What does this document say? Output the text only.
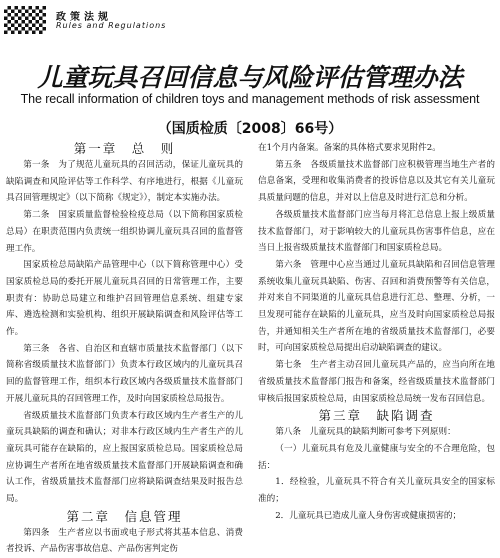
政策法规
Rules and Regulations
儿童玩具召回信息与风险评估管理办法
The recall information of children toys and management methods of risk assessment
（国质检质〔2008〕66号）
第一章　总　则

第一条　为了规范儿童玩具的召回活动，保证儿童玩具的缺陷调查和风险评估等工作科学、有序地进行，根据《儿童玩具召回管理规定》（以下简称《规定》），制定本实施办法。

第二条　国家质量监督检验检疫总局（以下简称国家质检总局）在职责范围内负责统一组织协调儿童玩具召回的监督管理工作。

国家质检总局缺陷产品管理中心（以下简称管理中心）受国家质检总局的委托开展儿童玩具召回的日常管理工作，主要职责有：协助总局建立和维护召回管理信息系统、组建专家库、遴选检测和实验机构、组织开展缺陷调查和风险评估等工作。

第三条　各省、自治区和直辖市质量技术监督部门（以下简称省级质量技术监督部门）负责本行政区域内的儿童玩具召回的监督管理工作，组织本行政区域内各级质量技术监督部门开展儿童玩具的召回管理工作，及时向国家质检总局报告。

省级质量技术监督部门负责本行政区域内生产者生产的儿童玩具缺陷的调查和确认；对非本行政区域内生产者生产的儿童玩具可能存在缺陷的，应上报国家质检总局。国家质检总局应协调生产者所在地省级质量技术监督部门开展缺陷调查和确认工作，省级质量技术监督部门应将缺陷调查结果及时报告总局。

第二章　信息管理

第四条　生产者应以书面或电子形式将其基本信息、消费者投诉、产品伤害事故信息、产品伤害判定伤

在1个月内备案。备案的具体格式要求见附件2。

第五条　各级质量技术监督部门应积极管理当地生产者的信息备案，受理和收集消费者的投诉信息以及其它有关儿童玩具质量问题的信息，并对以上信息及时进行汇总和分析。

各级质量技术监督部门应当每月将汇总信息上报上级质量技术监督部门，对于影响较大的儿童玩具伤害事件信息，应在当日上报省级质量技术监督部门和国家质检总局。

第六条　管理中心应当通过儿童玩具缺陷和召回信息管理系统收集儿童玩具缺陷、伤害、召回和消费预警等有关信息，并对来自不同渠道的儿童玩具信息进行汇总、整理、分析，一旦发现可能存在缺陷的儿童玩具，应当及时向国家质检总局报告，并通知相关生产者所在地的省级质量技术监督部门，必要时，可向国家质检总局提出启动缺陷调查的建议。

第七条　生产者主动召回儿童玩具产品的，应当向所在地省级质量技术监督部门报告和备案，经省级质量技术监督部门审核后报国家质检总局，由国家质检总局统一发布召回信息。

第三章　缺陷调查

第八条　儿童玩具的缺陷判断可参考下列原则：

（一）儿童玩具有危及儿童健康与安全的不合理危险，包括：

1．经检验，儿童玩具不符合有关儿童玩具安全的国家标准的；

2．儿童玩具已造成儿童人身伤害或健康损害的；
